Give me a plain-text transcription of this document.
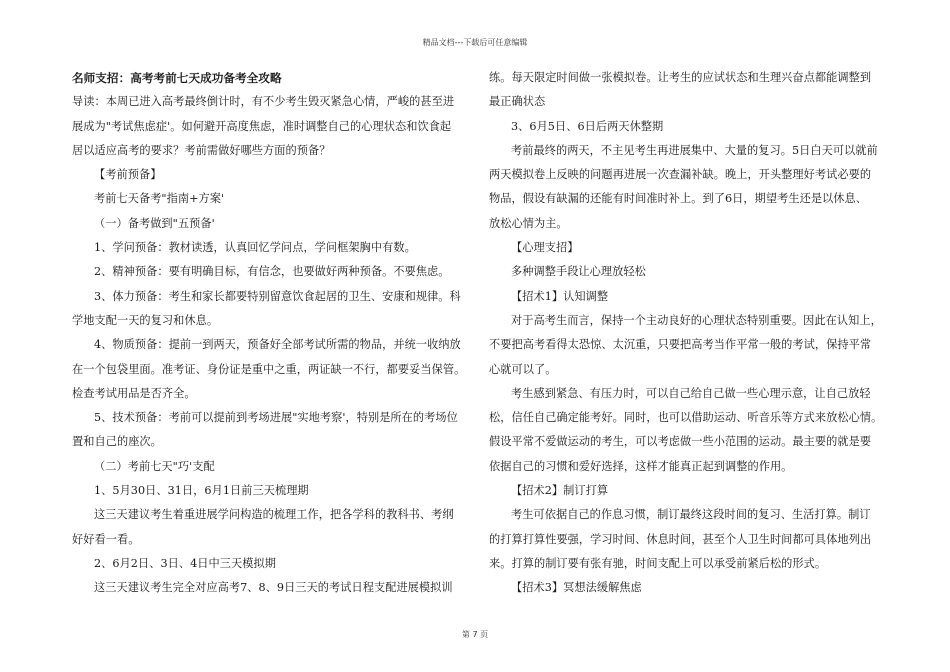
精品文档---下载后可任意编辑
名师支招：高考考前七天成功备考全攻略
导读：本周已进入高考最终倒计时，有不少考生毁灭紧急心情，严峻的甚至进
展成为"考试焦虑症'。如何避开高度焦虑，准时调整自己的心理状态和饮食起
居以适应高考的要求？考前需做好哪些方面的预备？
【考前预备】
考前七天备考"指南+方案'
（一）备考做到"五预备'
1、学问预备：教材读透，认真回忆学问点，学问框架胸中有数。
2、精神预备：要有明确目标，有信念，也要做好两种预备。不要焦虑。
3、体力预备：考生和家长都要特别留意饮食起居的卫生、安康和规律。科
学地支配一天的复习和休息。
4、物质预备：提前一到两天，预备好全部考试所需的物品，并统一收纳放
在一个包袋里面。准考证、身份证是重中之重，两证缺一不行，都要妥当保管。
检查考试用品是否齐全。
5、技术预备：考前可以提前到考场进展"实地考察'，特别是所在的考场位
置和自己的座次。
（二）考前七天"巧'支配
1、5月30日、31日，6月1日前三天梳理期
这三天建议考生着重进展学问构造的梳理工作，把各学科的教科书、考纲
好好看一看。
2、6月2日、3日、4日中三天模拟期
这三天建议考生完全对应高考7、8、9日三天的考试日程支配进展模拟训
练。每天限定时间做一张模拟卷。让考生的应试状态和生理兴奋点都能调整到
最正确状态
3、6月5日、6日后两天休整期
考前最终的两天，不主见考生再进展集中、大量的复习。5日白天可以就前
两天模拟卷上反映的问题再进展一次查漏补缺。晚上，开头整理好考试必要的
物品，假设有缺漏的还能有时间准时补上。到了6日，期望考生还是以休息、
放松心情为主。
【心理支招】
多种调整手段让心理放轻松
【招术1】认知调整
对于高考生而言，保持一个主动良好的心理状态特别重要。因此在认知上，
不要把高考看得太恐惊、太沉重，只要把高考当作平常一般的考试，保持平常
心就可以了。
考生感到紧急、有压力时，可以自己给自己做一些心理示意，让自己放轻
松，信任自己确定能考好。同时，也可以借助运动、听音乐等方式来放松心情。
假设平常不爱做运动的考生，可以考虑做一些小范围的运动。最主要的就是要
依据自己的习惯和爱好选择，这样才能真正起到调整的作用。
【招术2】制订打算
考生可依据自己的作息习惯，制订最终这段时间的复习、生活打算。制订
的打算打算性要强，学习时间、休息时间，甚至个人卫生时间都可具体地列出
来。打算的制订要有张有驰，时间支配上可以承受前紧后松的形式。
【招术3】冥想法缓解焦虑
第 7 页
